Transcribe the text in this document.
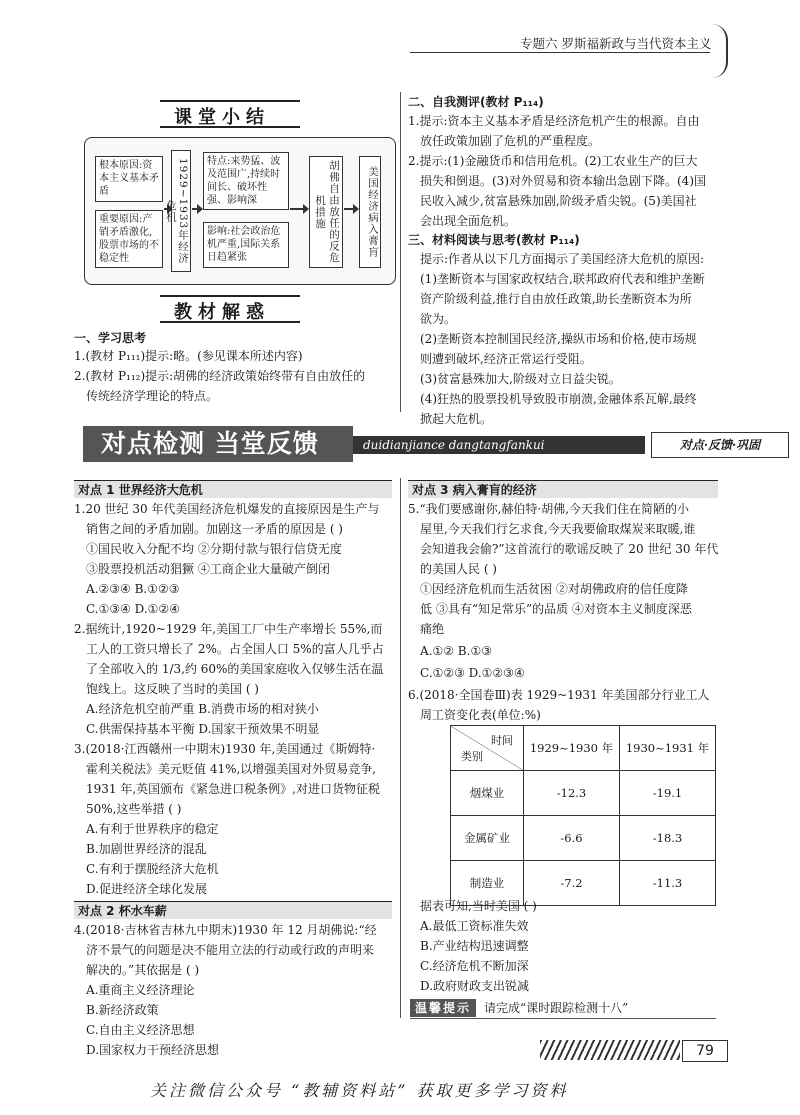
专题六 罗斯福新政与当代资本主义
课堂小结
根本原因:资本主义基本矛盾
重要原因:产销矛盾激化,股票市场的不稳定性	1929~1933年经济危机
特点:来势猛、波及范围广,持续时间长、破坏性强、影响深
影响:社会政治危机严重,国际关系日趋紧张	胡佛自由放任的反危机措施	美国经济病入膏肓
教材解惑
一、学习思考
1.(教材 P₁₁₁)提示:略。(参见课本所述内容)
2.(教材 P₁₁₂)提示:胡佛的经济政策始终带有自由放任的
传统经济学理论的特点。
二、自我测评(教材 P₁₁₄)
1.提示:资本主义基本矛盾是经济危机产生的根源。自由
放任政策加剧了危机的严重程度。
2.提示:(1)金融货币和信用危机。(2)工农业生产的巨大
损失和倒退。(3)对外贸易和资本输出急剧下降。(4)国
民收入减少,贫富悬殊加剧,阶级矛盾尖锐。(5)美国社
会出现全面危机。
三、材料阅读与思考(教材 P₁₁₄)
提示:作者从以下几方面揭示了美国经济大危机的原因:
(1)垄断资本与国家政权结合,联邦政府代表和维护垄断
资产阶级利益,推行自由放任政策,助长垄断资本为所
欲为。
(2)垄断资本控制国民经济,操纵市场和价格,使市场规
则遭到破坏,经济正常运行受阻。
(3)贫富悬殊加大,阶级对立日益尖锐。
(4)狂热的股票投机导致股市崩溃,金融体系瓦解,最终
掀起大危机。
对点检测 当堂反馈	duidianjiance dangtangfankui	对点·反馈·巩固
对点 1 世界经济大危机
1.20 世纪 30 年代美国经济危机爆发的直接原因是生产与
销售之间的矛盾加剧。加剧这一矛盾的原因是 ( )
①国民收入分配不均 ②分期付款与银行信贷无度
③股票投机活动猖獗 ④工商企业大量破产倒闭
A.②③④ B.①②③
C.①③④ D.①②④
2.据统计,1920~1929 年,美国工厂中生产率增长 55%,而
工人的工资只增长了 2%。占全国人口 5%的富人几乎占
了全部收入的 1/3,约 60%的美国家庭收入仅够生活在温
饱线上。这反映了当时的美国 ( )
A.经济危机空前严重 B.消费市场的相对狭小
C.供需保持基本平衡 D.国家干预效果不明显
3.(2018·江西赣州一中期末)1930 年,美国通过《斯姆特·
霍利关税法》美元贬值 41%,以增强美国对外贸易竞争,
1931 年,英国颁布《紧急进口税条例》,对进口货物征税
50%,这些举措 ( )
A.有利于世界秩序的稳定
B.加剧世界经济的混乱
C.有利于摆脱经济大危机
D.促进经济全球化发展
对点 2 杯水车薪
4.(2018·吉林省吉林九中期末)1930 年 12 月胡佛说:“经
济不景气的问题是决不能用立法的行动或行政的声明来
解决的。”其依据是 ( )
A.重商主义经济理论
B.新经济政策
C.自由主义经济思想
D.国家权力干预经济思想
对点 3 病入膏肓的经济
5.“我们要感谢你,赫伯特·胡佛,今天我们住在简陋的小
屋里,今天我们行乞求食,今天我要偷取煤炭来取暖,谁
会知道我会偷?”这首流行的歌谣反映了 20 世纪 30 年代
的美国人民 ( )
①因经济危机而生活贫困 ②对胡佛政府的信任度降
低 ③具有“知足常乐”的品质 ④对资本主义制度深恶
痛绝
A.①② B.①③
C.①②③ D.①②③④
6.(2018·全国卷Ⅲ)表 1929~1931 年美国部分行业工人
周工资变化表(单位:%)
时间
类别	1929~1930 年	1930~1931 年
烟煤业	-12.3	-19.1
金属矿业	-6.6	-18.3
制造业	-7.2	-11.3
据表可知,当时美国 ( )
A.最低工资标准失效
B.产业结构迅速调整
C.经济危机不断加深
D.政府财政支出锐减
温馨提示	请完成“课时跟踪检测十八”
79
关注微信公众号 “教辅资料站” 获取更多学习资料
